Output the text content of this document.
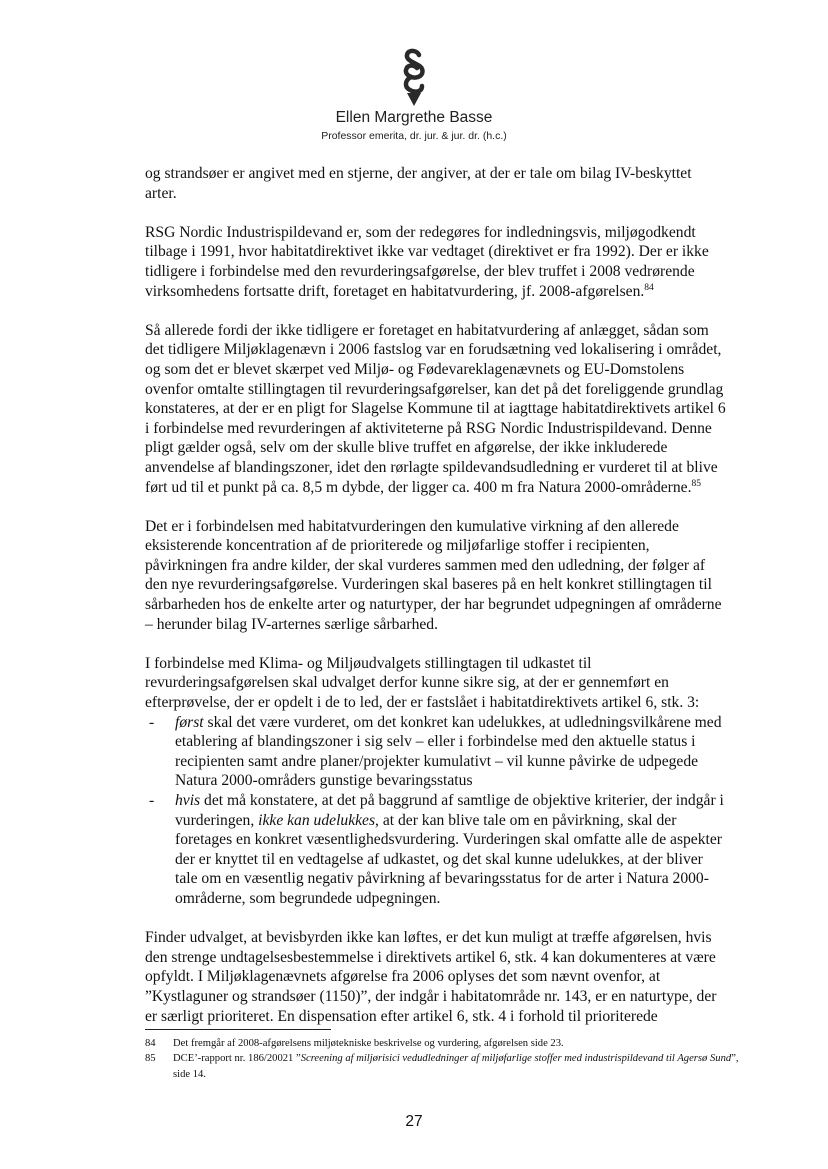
Ellen Margrethe Basse
Professor emerita, dr. jur. & jur. dr. (h.c.)

og strandsøer er angivet med en stjerne, der angiver, at der er tale om bilag IV-beskyttet arter.

RSG Nordic Industrispildevand er, som der redegøres for indledningsvis, miljøgodkendt tilbage i 1991, hvor habitatdirektivet ikke var vedtaget (direktivet er fra 1992). Der er ikke tidligere i forbindelse med den revurderingsafgørelse, der blev truffet i 2008 vedrørende virksomhedens fortsatte drift, foretaget en habitatvurdering, jf. 2008-afgørelsen.$^{84}$

Så allerede fordi der ikke tidligere er foretaget en habitatvurdering af anlægget, sådan som det tidligere Miljøklagenævn i 2006 fastslog var en forudsætning ved lokalisering i området, og som det er blevet skærpet ved Miljø- og Fødevareklagenævnets og EU-Domstolens ovenfor omtalte stillingtagen til revurderingsafgørelser, kan det på det foreliggende grundlag konstateres, at der er en pligt for Slagelse Kommune til at iagttage habitatdirektivets artikel 6 i forbindelse med revurderingen af aktiviteterne på RSG Nordic Industrispildevand. Denne pligt gælder også, selv om der skulle blive truffet en afgørelse, der ikke inkluderede anvendelse af blandingszoner, idet den rørlagte spildevandsudledning er vurderet til at blive ført ud til et punkt på ca. 8,5 m dybde, der ligger ca. 400 m fra Natura 2000-områderne.$^{85}$

Det er i forbindelsen med habitatvurderingen den kumulative virkning af den allerede eksisterende koncentration af de prioriterede og miljøfarlige stoffer i recipienten, påvirkningen fra andre kilder, der skal vurderes sammen med den udledning, der følger af den nye revurderingsafgørelse. Vurderingen skal baseres på en helt konkret stillingtagen til sårbarheden hos de enkelte arter og naturtyper, der har begrundet udpegningen af områderne – herunder bilag IV-arternes særlige sårbarhed.

I forbindelse med Klima- og Miljøudvalgets stillingtagen til udkastet til revurderingsafgørelsen skal udvalget derfor kunne sikre sig, at der er gennemført en efterprøvelse, der er opdelt i de to led, der er fastslået i habitatdirektivets artikel 6, stk. 3:

- først skal det være vurderet, om det konkret kan udelukkes, at udledningsvilkårene med etablering af blandingszoner i sig selv – eller i forbindelse med den aktuelle status i recipienten samt andre planer/projekter kumulativt – vil kunne påvirke de udpegede Natura 2000-områders gunstige bevaringsstatus
- hvis det må konstatere, at det på baggrund af samtlige de objektive kriterier, der indgår i vurderingen, ikke kan udelukkes, at der kan blive tale om en påvirkning, skal der foretages en konkret væsentlighedsvurdering. Vurderingen skal omfatte alle de aspekter der er knyttet til en vedtagelse af udkastet, og det skal kunne udelukkes, at der bliver tale om en væsentlig negativ påvirkning af bevaringsstatus for de arter i Natura 2000-områderne, som begrundede udpegningen.

Finder udvalget, at bevisbyrden ikke kan løftes, er det kun muligt at træffe afgørelsen, hvis den strenge undtagelsesbestemmelse i direktivets artikel 6, stk. 4 kan dokumenteres at være opfyldt. I Miljøklagenævnets afgørelse fra 2006 oplyses det som nævnt ovenfor, at ”Kystlaguner og strandsøer (1150)”, der indgår i habitatområde nr. 143, er en naturtype, der er særligt prioriteret. En dispensation efter artikel 6, stk. 4 i forhold til prioriterede

84 Det fremgår af 2008-afgørelsens miljøtekniske beskrivelse og vurdering, afgørelsen side 23.
85 DCE’-rapport nr. 186/20021 ”Screening af miljørisici vedudledninger af miljøfarlige stoffer med industrispildevand til Agersø Sund”, side 14.
27
